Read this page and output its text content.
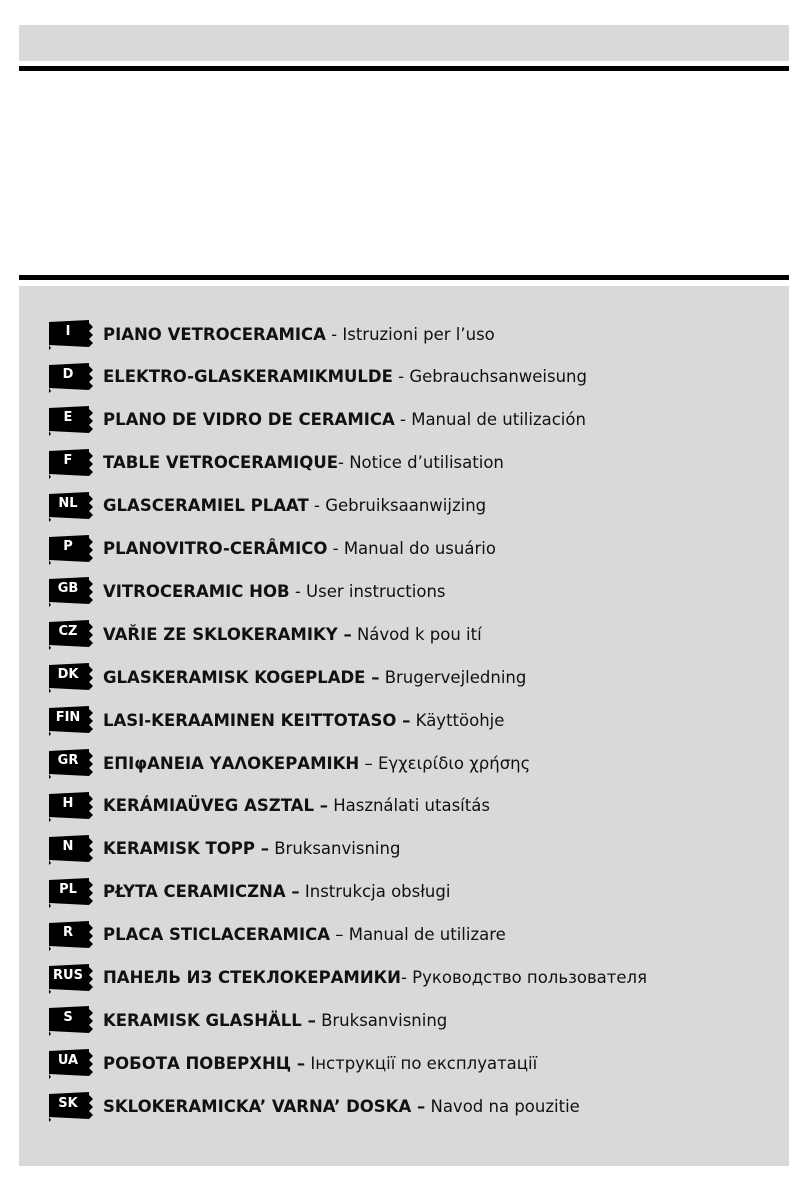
I	PIANO VETROCERAMICA - Istruzioni per l’uso
D	ELEKTRO-GLASKERAMIKMULDE - Gebrauchsanweisung
E	PLANO DE VIDRO DE CERAMICA - Manual de utilización
F	TABLE VETROCERAMIQUE- Notice d’utilisation
NL	GLASCERAMIEL PLAAT - Gebruiksaanwijzing
P	PLANOVITRO-CERÂMICO - Manual do usuário
GB	VITROCERAMIC HOB - User instructions
CZ	VAŘIE ZE SKLOKERAMIKY – Návod k pou ití
DK	GLASKERAMISK KOGEPLADE – Brugervejledning
FIN	LASI-KERAAMINEN KEITTOTASO – Käyttöohje
GR	ΕΠΙφΑΝΕΙΑ ΥΑΛΟΚΕΡΑΜΙΚΗ – Εγχειρίδιο χρήσης
H	KERÁMIAÜVEG ASZTAL – Használati utasítás
N	KERAMISK TOPP – Bruksanvisning
PL	PŁYTA CERAMICZNA – Instrukcja obsługi
R	PLACA STICLACERAMICA – Manual de utilizare
RUS ПАНЕЛЬ ИЗ СТЕКЛОКЕРАМИКИ- Руководство пользователя
S	KERAMISK GLASHÄLL – Bruksanvisning
UA	РОБОТА ПОВЕРХНЦ – Інструкції по експлуатації
SK	SKLOKERAMICKA’ VARNA’ DOSKA – Navod na pouzitie
